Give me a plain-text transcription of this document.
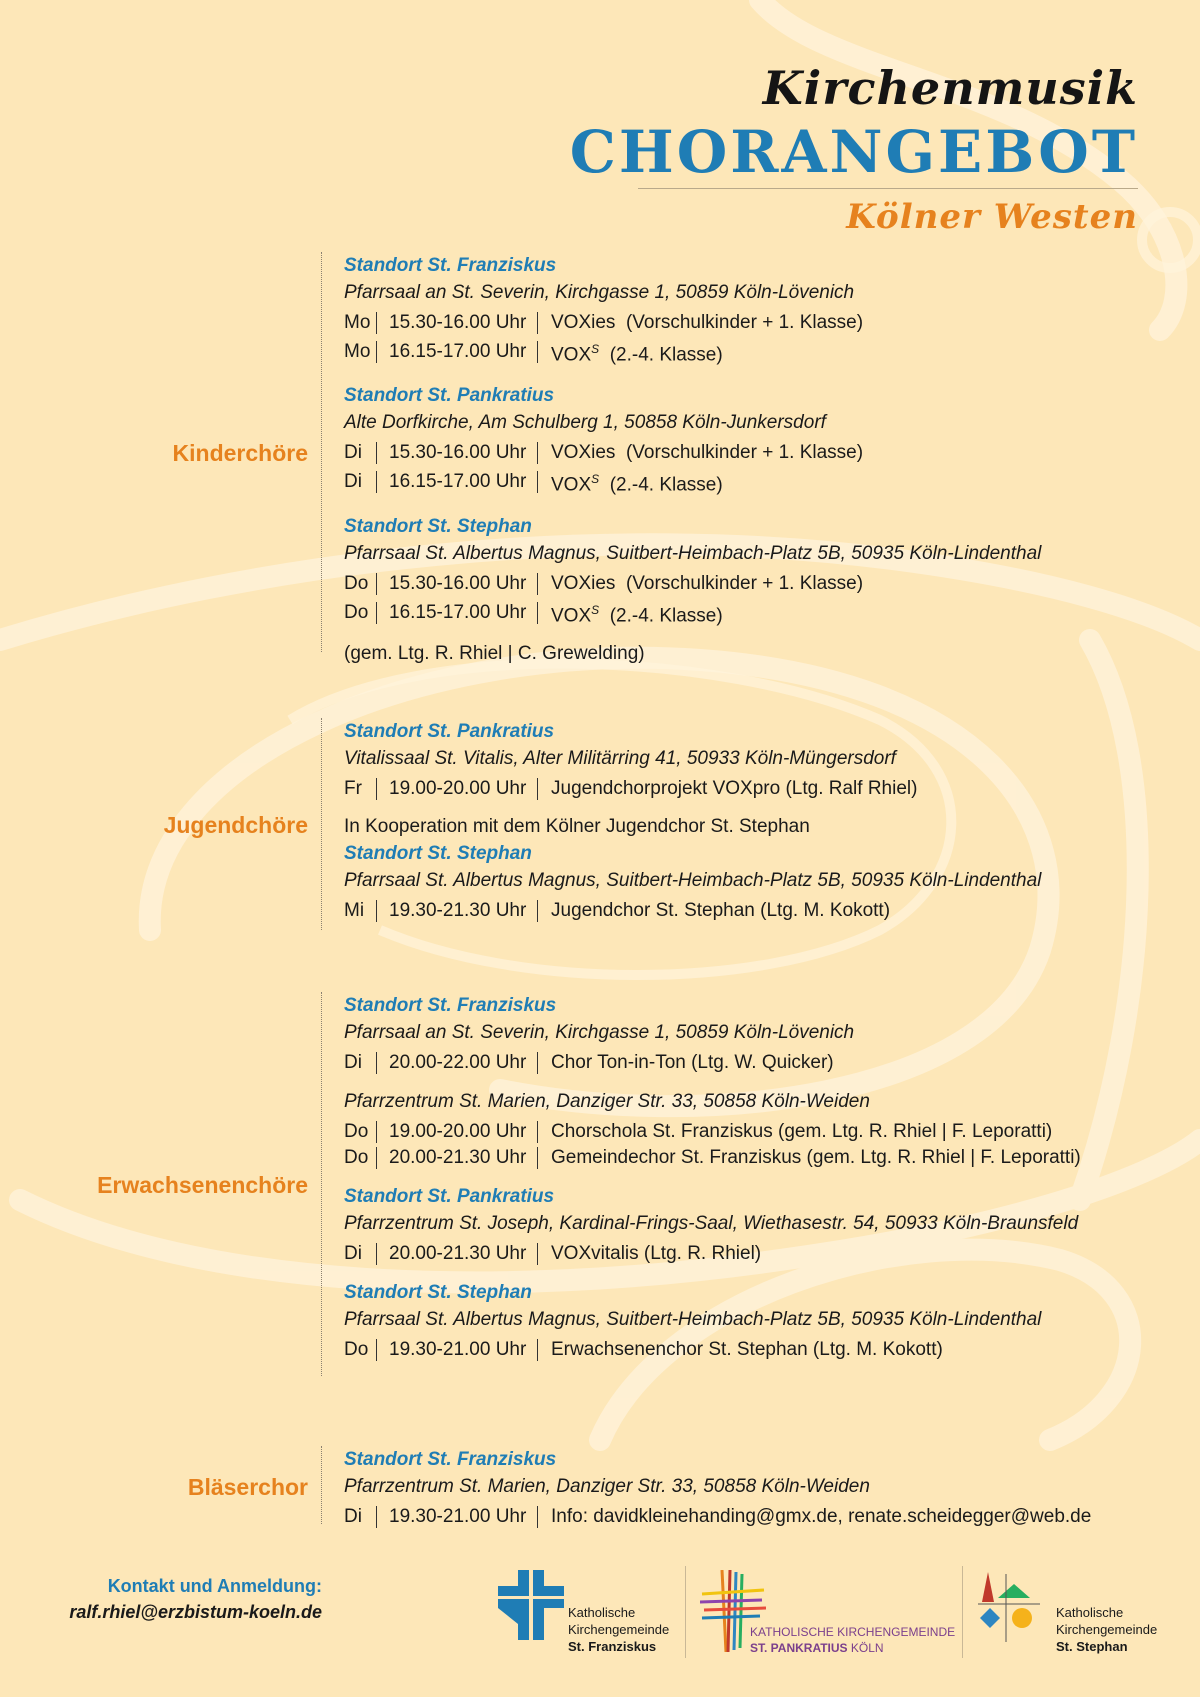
Kirchenmusik
CHORANGEBOT
Kölner Westen
Kinderchöre
Standort St. Franziskus
Pfarrsaal an St. Severin, Kirchgasse 1, 50859 Köln-Lövenich
Mo 15.30-16.00 Uhr	VOXies  (Vorschulkinder + 1. Klasse)
Mo 16.15-17.00 Uhr	$VOX^S$  (2.-4. Klasse)
Standort St. Pankratius
Alte Dorfkirche, Am Schulberg 1, 50858 Köln-Junkersdorf
Di	15.30-16.00 Uhr	VOXies  (Vorschulkinder + 1. Klasse)
Di	16.15-17.00 Uhr	$VOX^S$  (2.-4. Klasse)
Standort St. Stephan
Pfarrsaal St. Albertus Magnus, Suitbert-Heimbach-Platz 5B, 50935 Köln-Lindenthal
Do	15.30-16.00 Uhr	VOXies  (Vorschulkinder + 1. Klasse)
Do	16.15-17.00 Uhr	$VOX^S$  (2.-4. Klasse)
(gem. Ltg. R. Rhiel | C. Grewelding)
Jugendchöre
Standort St. Pankratius
Vitalissaal St. Vitalis, Alter Militärring 41, 50933 Köln-Müngersdorf
Fr	19.00-20.00 Uhr	Jugendchorprojekt VOXpro (Ltg. Ralf Rhiel)
In Kooperation mit dem Kölner Jugendchor St. Stephan
Standort St. Stephan
Pfarrsaal St. Albertus Magnus, Suitbert-Heimbach-Platz 5B, 50935 Köln-Lindenthal
Mi	19.30-21.30 Uhr	Jugendchor St. Stephan (Ltg. M. Kokott)
Erwachsenenchöre
Standort St. Franziskus
Pfarrsaal an St. Severin, Kirchgasse 1, 50859 Köln-Lövenich
Di	20.00-22.00 Uhr	Chor Ton-in-Ton (Ltg. W. Quicker)
Pfarrzentrum St. Marien, Danziger Str. 33, 50858 Köln-Weiden
Do	19.00-20.00 Uhr	Chorschola St. Franziskus (gem. Ltg. R. Rhiel | F. Leporatti)
Do	20.00-21.30 Uhr	Gemeindechor St. Franziskus (gem. Ltg. R. Rhiel | F. Leporatti)
Standort St. Pankratius
Pfarrzentrum St. Joseph, Kardinal-Frings-Saal, Wiethasestr. 54, 50933 Köln-Braunsfeld
Di	20.00-21.30 Uhr	VOXvitalis (Ltg. R. Rhiel)
Standort St. Stephan
Pfarrsaal St. Albertus Magnus, Suitbert-Heimbach-Platz 5B, 50935 Köln-Lindenthal
Do	19.30-21.00 Uhr	Erwachsenenchor St. Stephan (Ltg. M. Kokott)
Bläserchor
Standort St. Franziskus
Pfarrzentrum St. Marien, Danziger Str. 33, 50858 Köln-Weiden
Di	19.30-21.00 Uhr	Info: davidkleinehanding@gmx.de, renate.scheidegger@web.de
Kontakt und Anmeldung:
ralf.rhiel@erzbistum-koeln.de	Katholische
Kirchengemeinde
St. Franziskus
KATHOLISCHE KIRCHENGEMEINDE
ST. PANKRATIUS KÖLN
Katholische
Kirchengemeinde
St. Stephan
